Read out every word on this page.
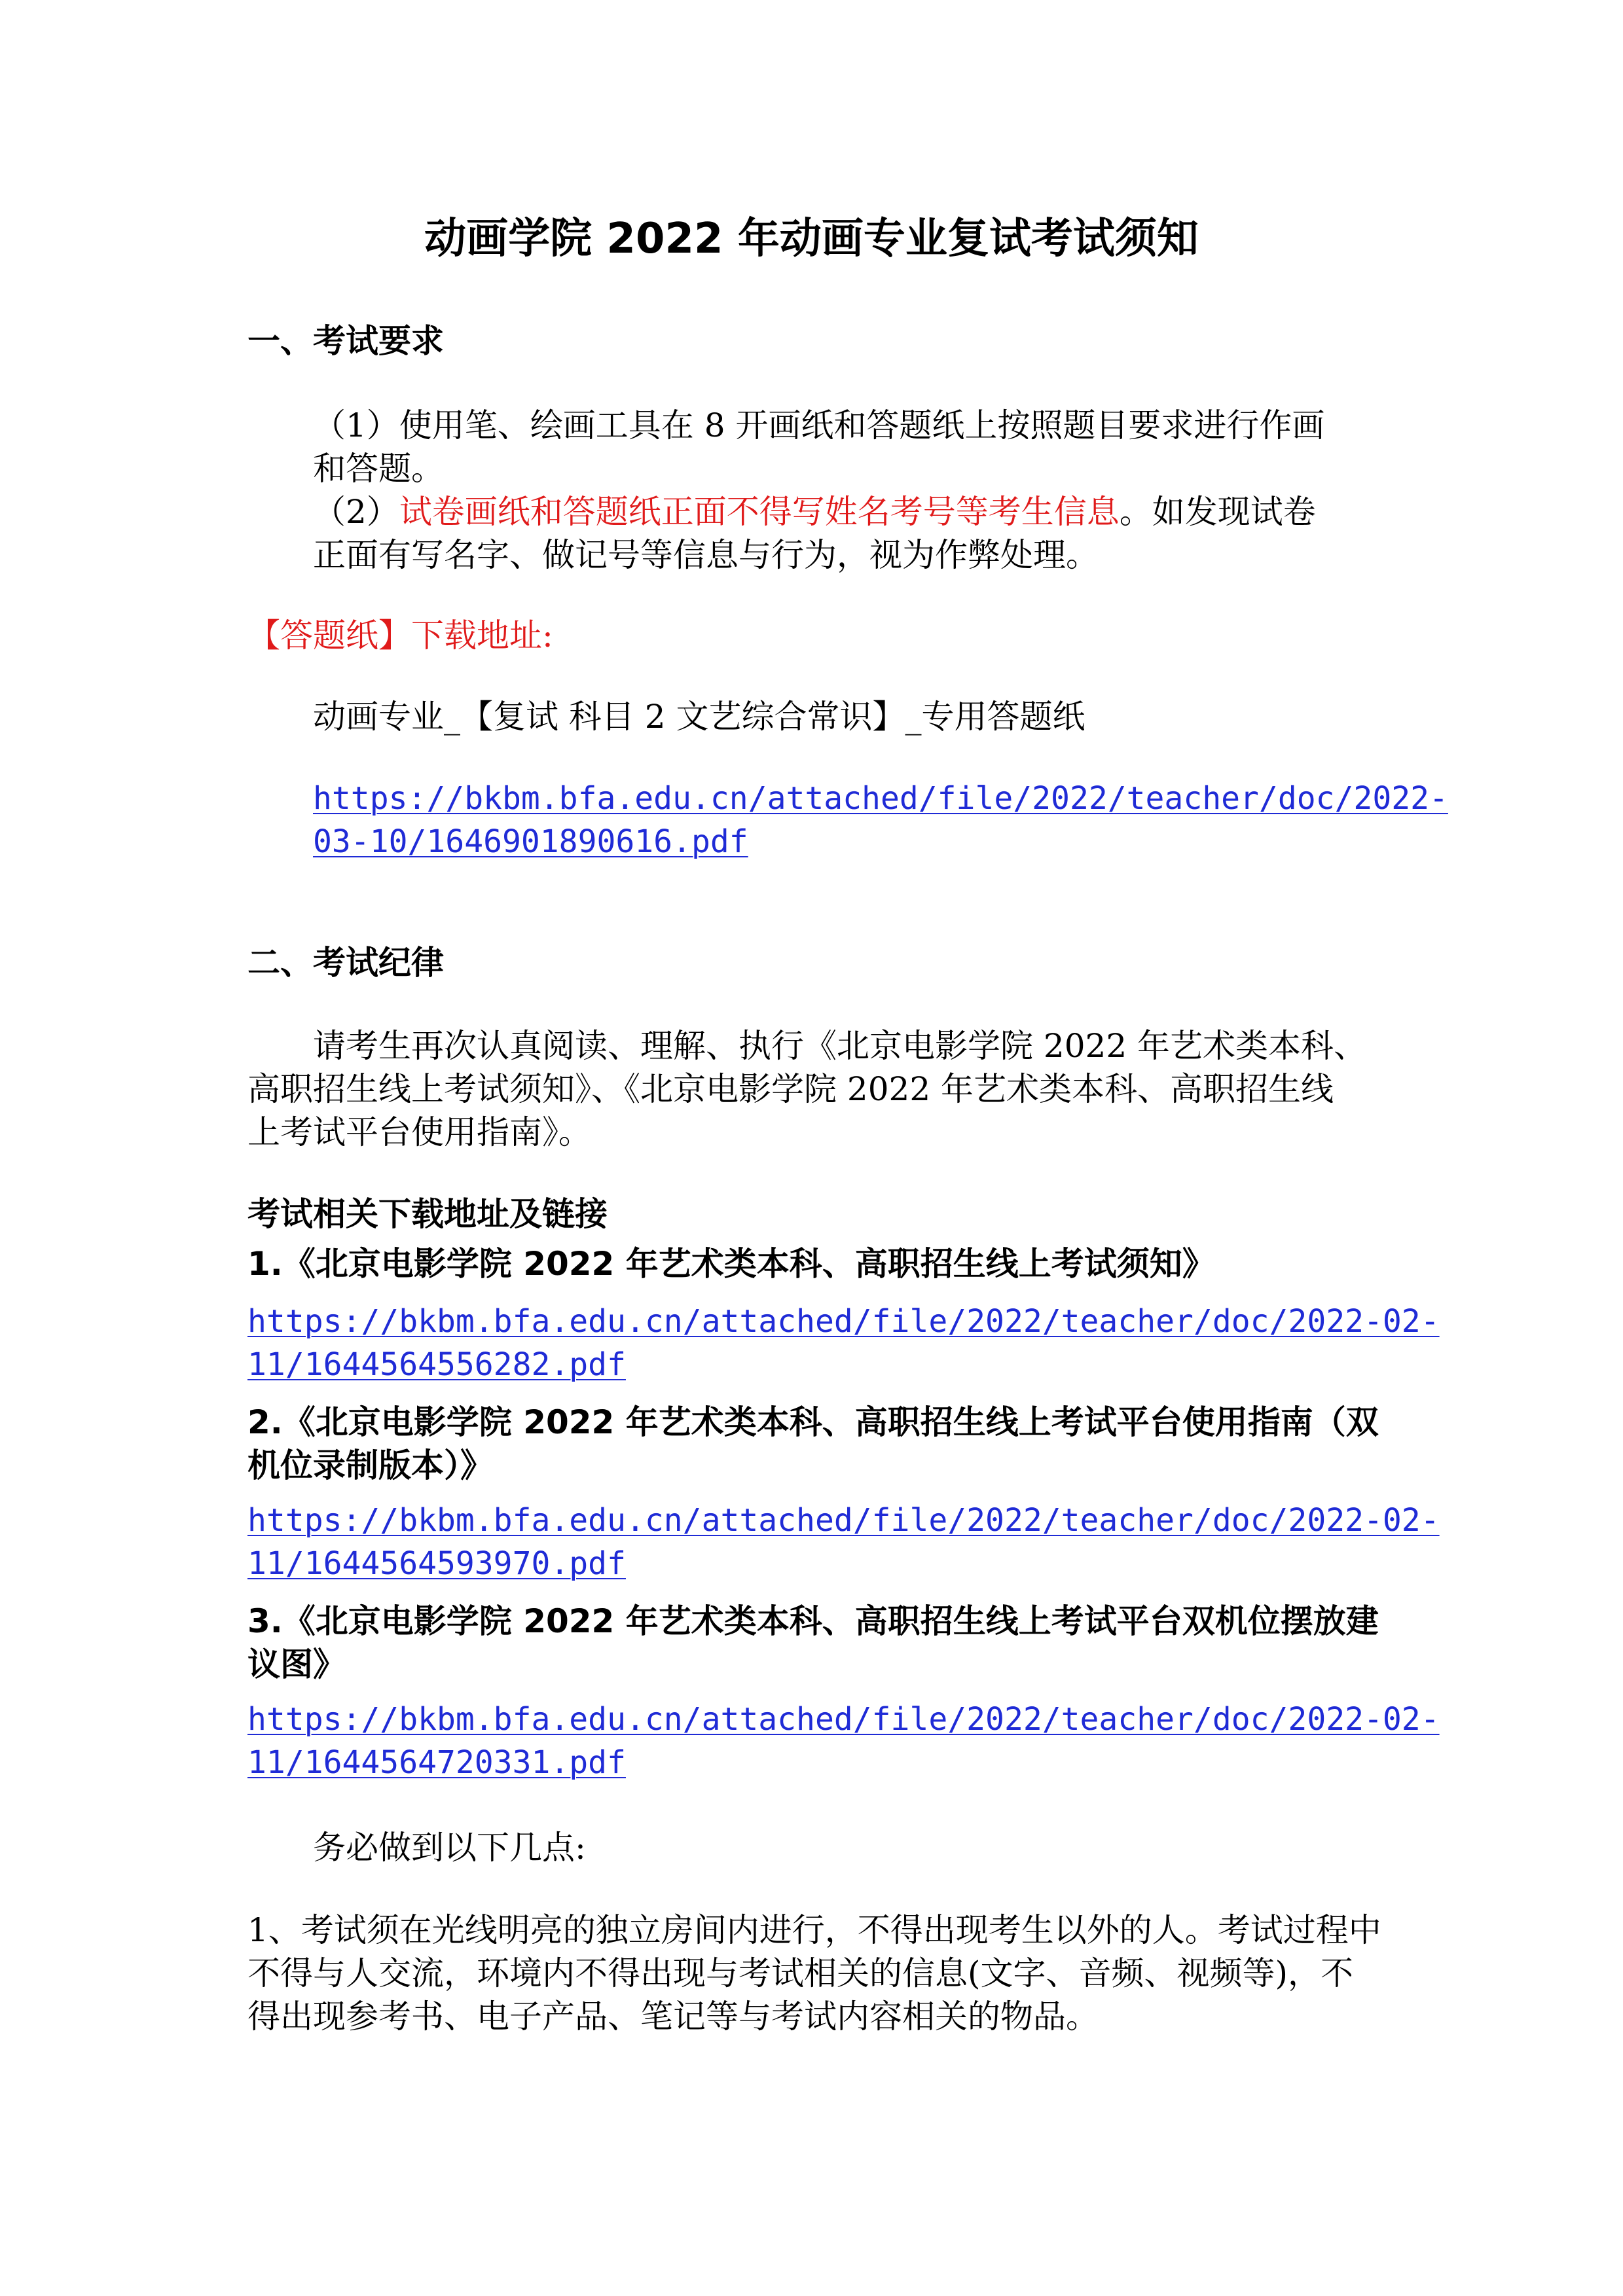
动画学院 2022 年动画专业复试考试须知
一、考试要求
（1）使用笔、绘画工具在 8 开画纸和答题纸上按照题目要求进行作画
和答题。
（2）试卷画纸和答题纸正面不得写姓名考号等考生信息。如发现试卷
正面有写名字、做记号等信息与行为，视为作弊处理。
【答题纸】下载地址:
动画专业_【复试 科目 2 文艺综合常识】_专用答题纸
https://bkbm.bfa.edu.cn/attached/file/2022/teacher/doc/2022-
03-10/1646901890616.pdf
二、考试纪律
请考生再次认真阅读、理解、执行《北京电影学院 2022 年艺术类本科、
高职招生线上考试须知》、《北京电影学院 2022 年艺术类本科、高职招生线
上考试平台使用指南》。
考试相关下载地址及链接
1.《北京电影学院 2022 年艺术类本科、高职招生线上考试须知》
https://bkbm.bfa.edu.cn/attached/file/2022/teacher/doc/2022-02-
11/1644564556282.pdf
2.《北京电影学院 2022 年艺术类本科、高职招生线上考试平台使用指南（双
机位录制版本）》
https://bkbm.bfa.edu.cn/attached/file/2022/teacher/doc/2022-02-
11/1644564593970.pdf
3.《北京电影学院 2022 年艺术类本科、高职招生线上考试平台双机位摆放建
议图》
https://bkbm.bfa.edu.cn/attached/file/2022/teacher/doc/2022-02-
11/1644564720331.pdf
务必做到以下几点:
1、考试须在光线明亮的独立房间内进行，不得出现考生以外的人。考试过程中
不得与人交流，环境内不得出现与考试相关的信息(文字、音频、视频等)，不
得出现参考书、电子产品、笔记等与考试内容相关的物品。
